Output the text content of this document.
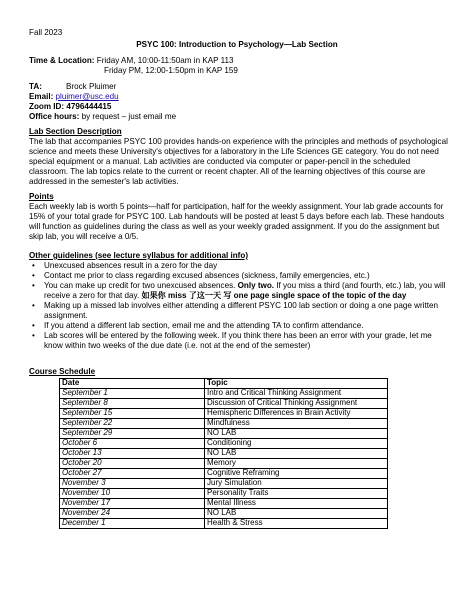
Fall 2023
PSYC 100: Introduction to Psychology—Lab Section
Time & Location: Friday AM, 10:00-11:50am in KAP 113
Friday PM, 12:00-1:50pm in KAP 159
TA:	Brock Pluimer
Email: pluimer@usc.edu
Zoom ID: 4796444415
Office hours: by request – just email me
Lab Section Description

The lab that accompanies PSYC 100 provides hands-on experience with the principles and methods of psychological science and meets these University's objectives for a laboratory in the Life Sciences GE category. You do not need special equipment or a manual. Lab activities are conducted via computer or paper-pencil in the scheduled classroom. The lab topics relate to the current or recent chapter. All of the learning objectives of this course are addressed in the semester's lab activities.

Points

Each weekly lab is worth 5 points—half for participation, half for the weekly assignment. Your lab grade accounts for 15% of your total grade for PSYC 100. Lab handouts will be posted at least 5 days before each lab. These handouts will function as guidelines during the class as well as your weekly graded assignment. If you do the assignment but skip lab, you will receive a 0/5.

Other guidelines (see lecture syllabus for additional info)
• Unexcused absences result in a zero for the day
• Contact me prior to class regarding excused absences (sickness, family emergencies, etc.)
• You can make up credit for two unexcused absences. Only two. If you miss a third (and fourth, etc.) lab, you will receive a zero for that day. 如果你 miss 了这一天 写 one page single space of the topic of the day
• Making up a missed lab involves either attending a different PSYC 100 lab section or doing a one page written assignment.
• If you attend a different lab section, email me and the attending TA to confirm attendance.
• Lab scores will be entered by the following week. If you think there has been an error with your grade, let me know within two weeks of the due date (i.e. not at the end of the semester)
Course Schedule
Date	Topic
September 1	Intro and Critical Thinking Assignment
September 8	Discussion of Critical Thinking Assignment
September 15	Hemispheric Differences in Brain Activity
September 22	Mindfulness
September 29	NO LAB
October 6	Conditioning
October 13	NO LAB
October 20	Memory
October 27	Cognitive Reframing
November 3	Jury Simulation
November 10	Personality Traits
November 17	Mental Illness
November 24	NO LAB
December 1	Health & Stress
